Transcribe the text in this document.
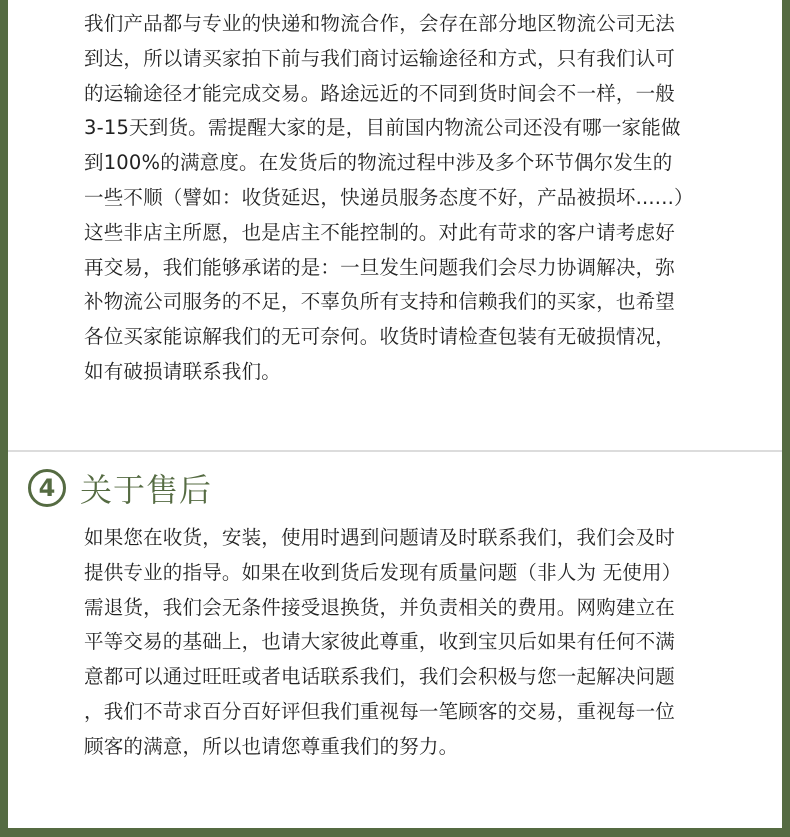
我们产品都与专业的快递和物流合作，会存在部分地区物流公司无法
到达，所以请买家拍下前与我们商讨运输途径和方式，只有我们认可
的运输途径才能完成交易。路途远近的不同到货时间会不一样，一般
3-15天到货。需提醒大家的是，目前国内物流公司还没有哪一家能做
到100%的满意度。在发货后的物流过程中涉及多个环节偶尔发生的
一些不顺（譬如：收货延迟，快递员服务态度不好，产品被损坏......）
这些非店主所愿，也是店主不能控制的。对此有苛求的客户请考虑好
再交易，我们能够承诺的是：一旦发生问题我们会尽力协调解决，弥
补物流公司服务的不足，不辜负所有支持和信赖我们的买家，也希望
各位买家能谅解我们的无可奈何。收货时请检查包装有无破损情况，
如有破损请联系我们。
4 关于售后
如果您在收货，安装，使用时遇到问题请及时联系我们，我们会及时
提供专业的指导。如果在收到货后发现有质量问题（非人为 无使用）
需退货，我们会无条件接受退换货，并负责相关的费用。网购建立在
平等交易的基础上，也请大家彼此尊重，收到宝贝后如果有任何不满
意都可以通过旺旺或者电话联系我们，我们会积极与您一起解决问题
，我们不苛求百分百好评但我们重视每一笔顾客的交易，重视每一位
顾客的满意，所以也请您尊重我们的努力。
